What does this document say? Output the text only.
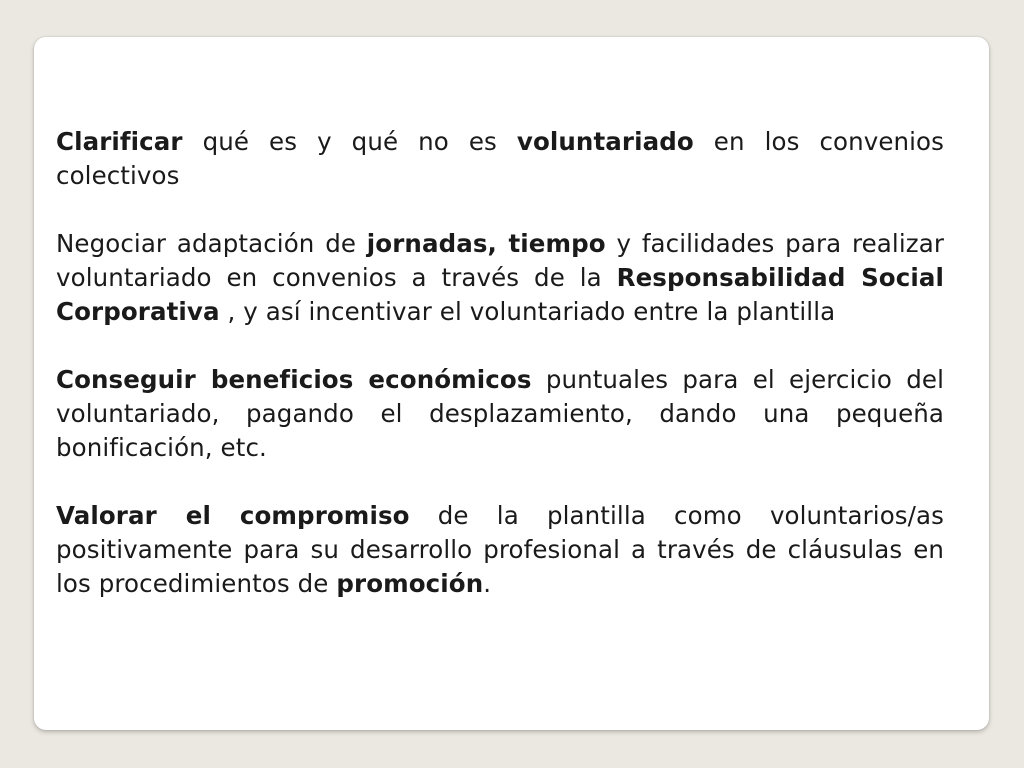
Clarificar qué es y qué no es voluntariado en los convenios colectivos

Negociar adaptación de jornadas, tiempo y facilidades para realizar voluntariado en convenios a través de la Responsabilidad Social Corporativa , y así incentivar el voluntariado entre la plantilla

Conseguir beneficios económicos puntuales para el ejercicio del voluntariado, pagando el desplazamiento, dando una pequeña bonificación, etc.

Valorar el compromiso de la plantilla como voluntarios/as positivamente para su desarrollo profesional a través de cláusulas en los procedimientos de promoción.
